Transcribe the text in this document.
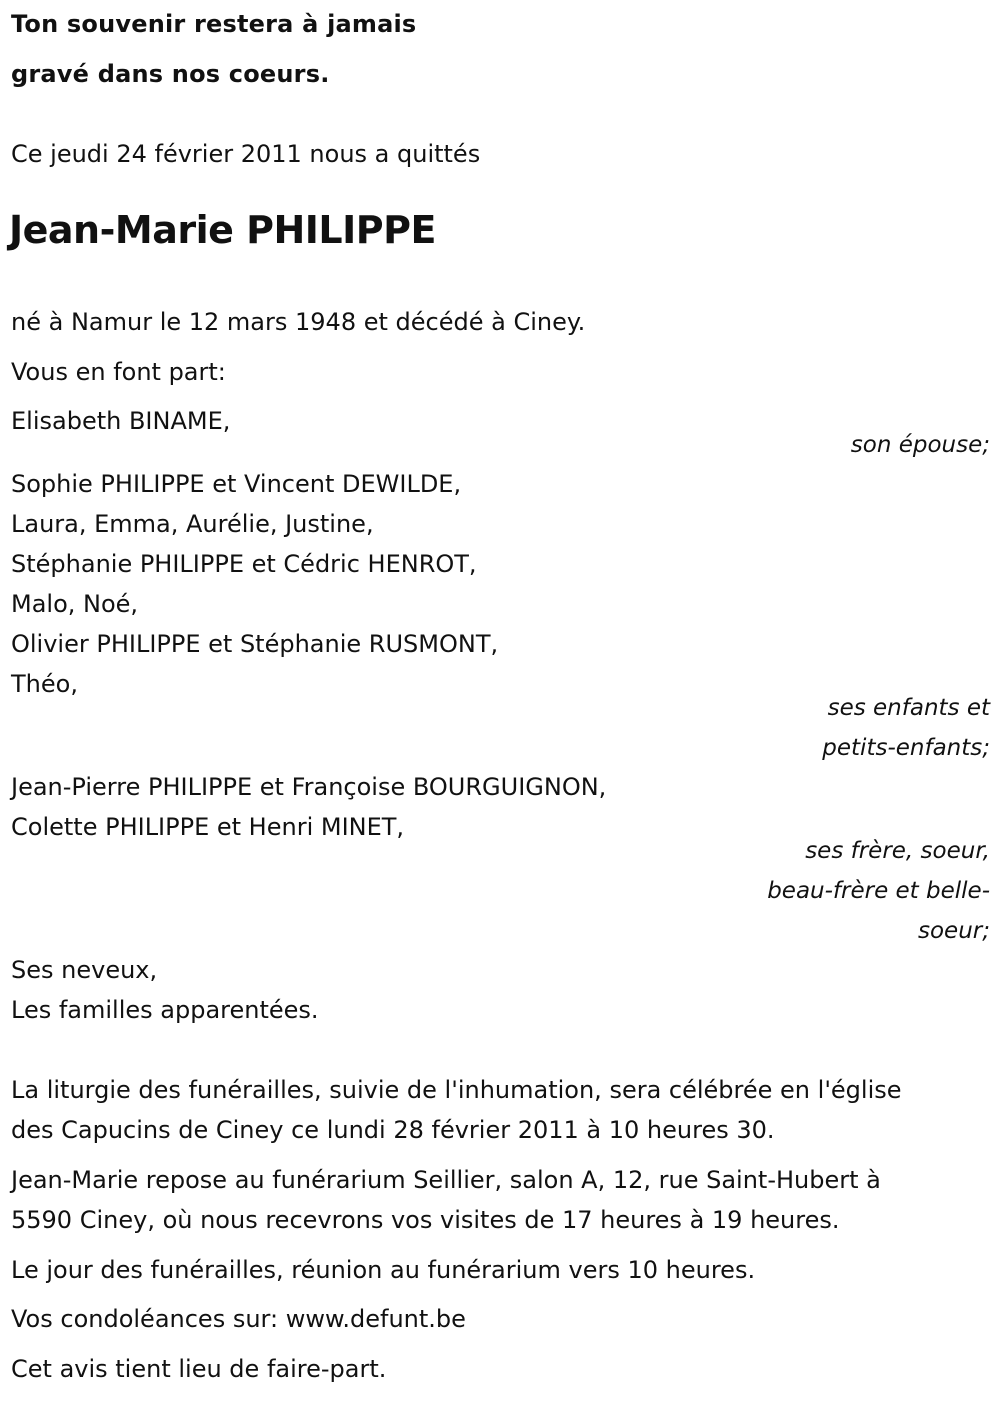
Ton souvenir restera à jamais
gravé dans nos coeurs.
Ce jeudi 24 février 2011 nous a quittés
Jean-Marie PHILIPPE
né à Namur le 12 mars 1948 et décédé à Ciney.
Vous en font part:
Elisabeth BINAME,
son épouse;
Sophie PHILIPPE et Vincent DEWILDE,
Laura, Emma, Aurélie, Justine,
Stéphanie PHILIPPE et Cédric HENROT,
Malo, Noé,
Olivier PHILIPPE et Stéphanie RUSMONT,
Théo,
ses enfants et
petits-enfants;
Jean-Pierre PHILIPPE et Françoise BOURGUIGNON,
Colette PHILIPPE et Henri MINET,
ses frère, soeur,
beau-frère et belle-
soeur;
Ses neveux,
Les familles apparentées.
La liturgie des funérailles, suivie de l'inhumation, sera célébrée en l'église
des Capucins de Ciney ce lundi 28 février 2011 à 10 heures 30.
Jean-Marie repose au funérarium Seillier, salon A, 12, rue Saint-Hubert à
5590 Ciney, où nous recevrons vos visites de 17 heures à 19 heures.
Le jour des funérailles, réunion au funérarium vers 10 heures.
Vos condoléances sur: www.defunt.be
Cet avis tient lieu de faire-part.
